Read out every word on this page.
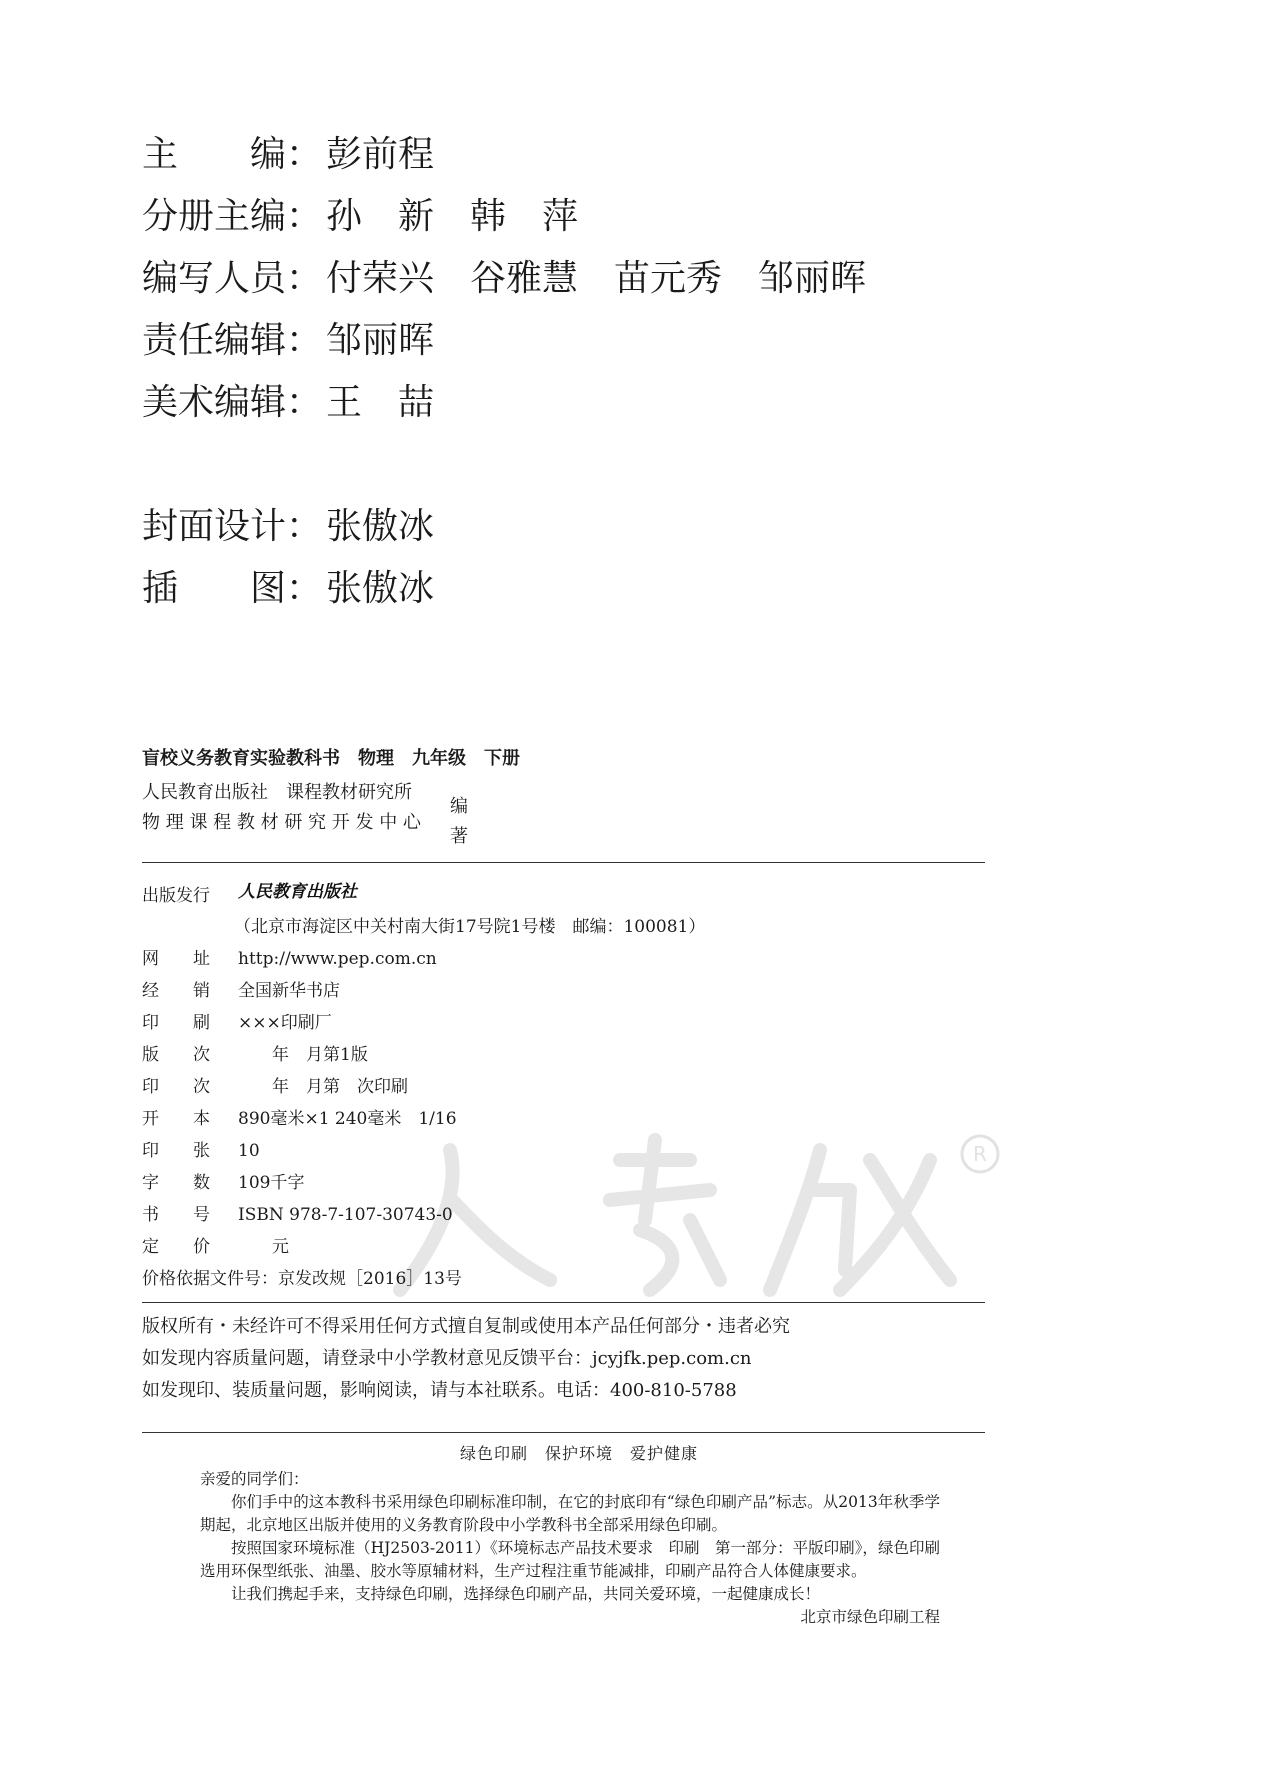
主　　编： 彭前程
分册主编： 孙　新　韩　萍
编写人员： 付荣兴　谷雅慧　苗元秀　邹丽晖
责任编辑： 邹丽晖
美术编辑： 王　喆
封面设计： 张傲冰
插　　图： 张傲冰
盲校义务教育实验教科书　物理　九年级　下册
人民教育出版社　课程教材研究所
物 理 课 程 教 材 研 究 开 发 中 心
编著
R
出版发行 人民教育出版社
（北京市海淀区中关村南大街17号院1号楼　邮编：100081）
网　　址 http://www.pep.com.cn
经　　销 全国新华书店
印　　刷 ×××印刷厂
版　　次　　年　月第1版
印　　次　　年　月第　次印刷
开　　本 890毫米×1 240毫米　1/16
印　　张 10
字　　数 109千字
书　　号 ISBN 978-7-107-30743-0
定　　价　　元
价格依据文件号：京发改规［2016］13号
版权所有・未经许可不得采用任何方式擅自复制或使用本产品任何部分・违者必究
如发现内容质量问题，请登录中小学教材意见反馈平台：jcyjfk.pep.com.cn
如发现印、装质量问题，影响阅读，请与本社联系。电话：400-810-5788
绿色印刷　保护环境　爱护健康
亲爱的同学们：
你们手中的这本教科书采用绿色印刷标准印制，在它的封底印有“绿色印刷产品”标志。从2013年秋季学期起，北京地区出版并使用的义务教育阶段中小学教科书全部采用绿色印刷。
按照国家环境标准（HJ2503-2011）《环境标志产品技术要求　印刷　第一部分：平版印刷》，绿色印刷选用环保型纸张、油墨、胶水等原辅材料，生产过程注重节能减排，印刷产品符合人体健康要求。
让我们携起手来，支持绿色印刷，选择绿色印刷产品，共同关爱环境，一起健康成长！
北京市绿色印刷工程
